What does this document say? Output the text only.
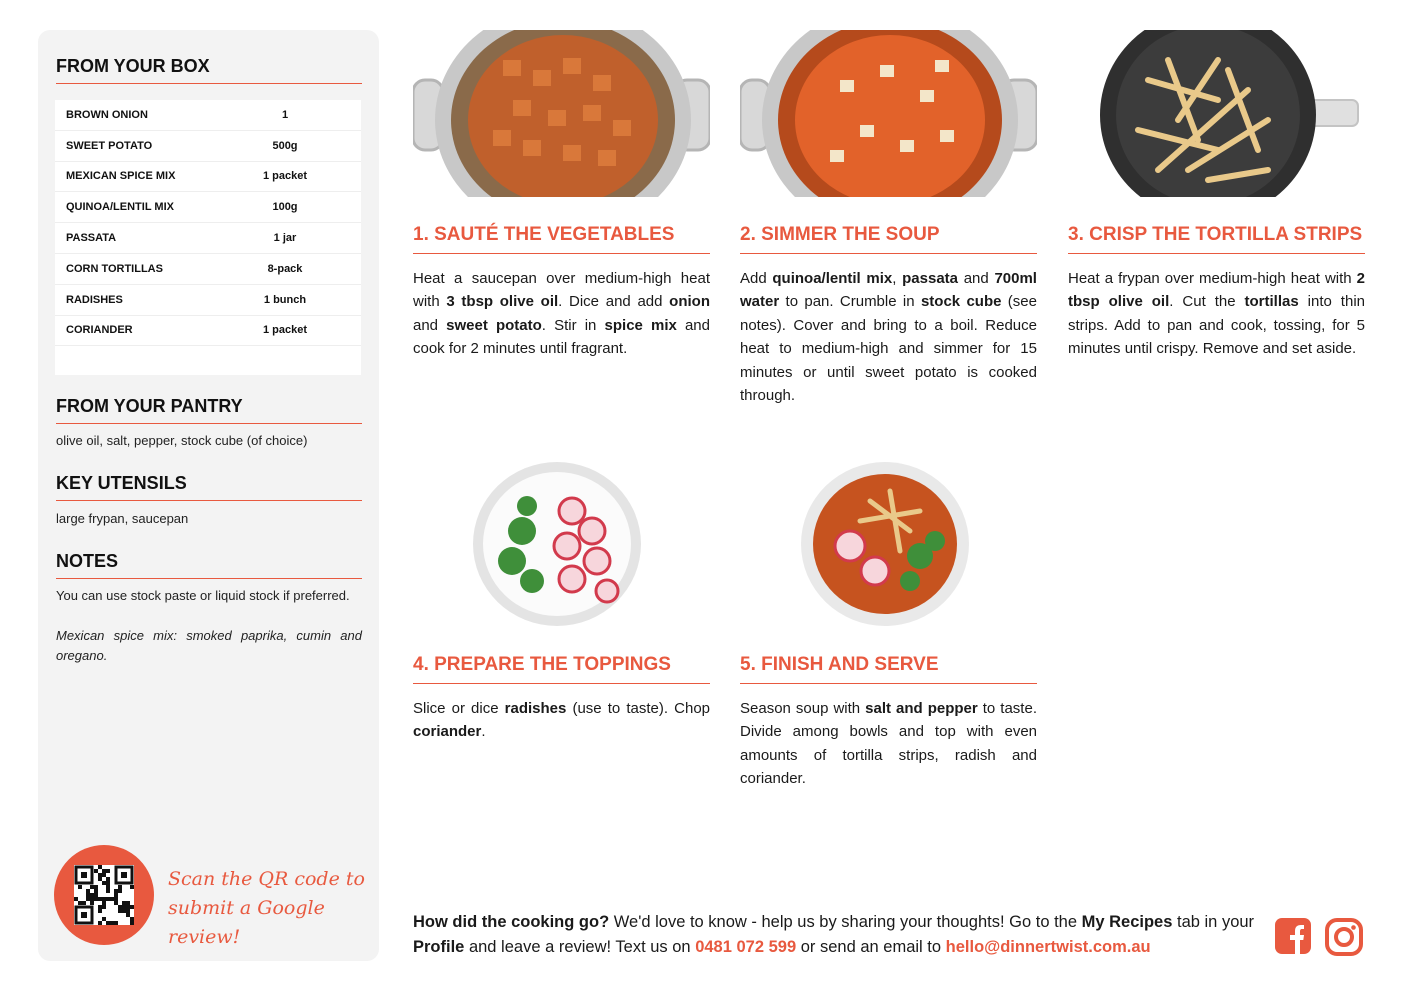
FROM YOUR BOX
BROWN ONION	1
SWEET POTATO	500g
MEXICAN SPICE MIX	1 packet
QUINOA/LENTIL MIX	100g
PASSATA	1 jar
CORN TORTILLAS	8-pack
RADISHES	1 bunch
CORIANDER	1 packet
FROM YOUR PANTRY
olive oil, salt, pepper, stock cube (of choice)
KEY UTENSILS
large frypan, saucepan
NOTES
You can use stock paste or liquid stock if preferred.
Mexican spice mix: smoked paprika, cumin and oregano.
Scan the QR code to
submit a Google review!
1. SAUTÉ THE VEGETABLES
Heat a saucepan over medium-high heat with 3 tbsp olive oil. Dice and add onion and sweet potato. Stir in spice mix and cook for 2 minutes until fragrant.
2. SIMMER THE SOUP
Add quinoa/lentil mix, passata and 700ml water to pan. Crumble in stock cube (see notes). Cover and bring to a boil. Reduce heat to medium-high and simmer for 15 minutes or until sweet potato is cooked through.
3. CRISP THE TORTILLA STRIPS
Heat a frypan over medium-high heat with 2 tbsp olive oil. Cut the tortillas into thin strips. Add to pan and cook, tossing, for 5 minutes until crispy. Remove and set aside.
4. PREPARE THE TOPPINGS
Slice or dice radishes (use to taste). Chop coriander.
5. FINISH AND SERVE
Season soup with salt and pepper to taste. Divide among bowls and top with even amounts of tortilla strips, radish and coriander.
How did the cooking go? We'd love to know - help us by sharing your thoughts! Go to the My Recipes tab in your Profile and leave a review! Text us on 0481 072 599 or send an email to hello@dinnertwist.com.au
